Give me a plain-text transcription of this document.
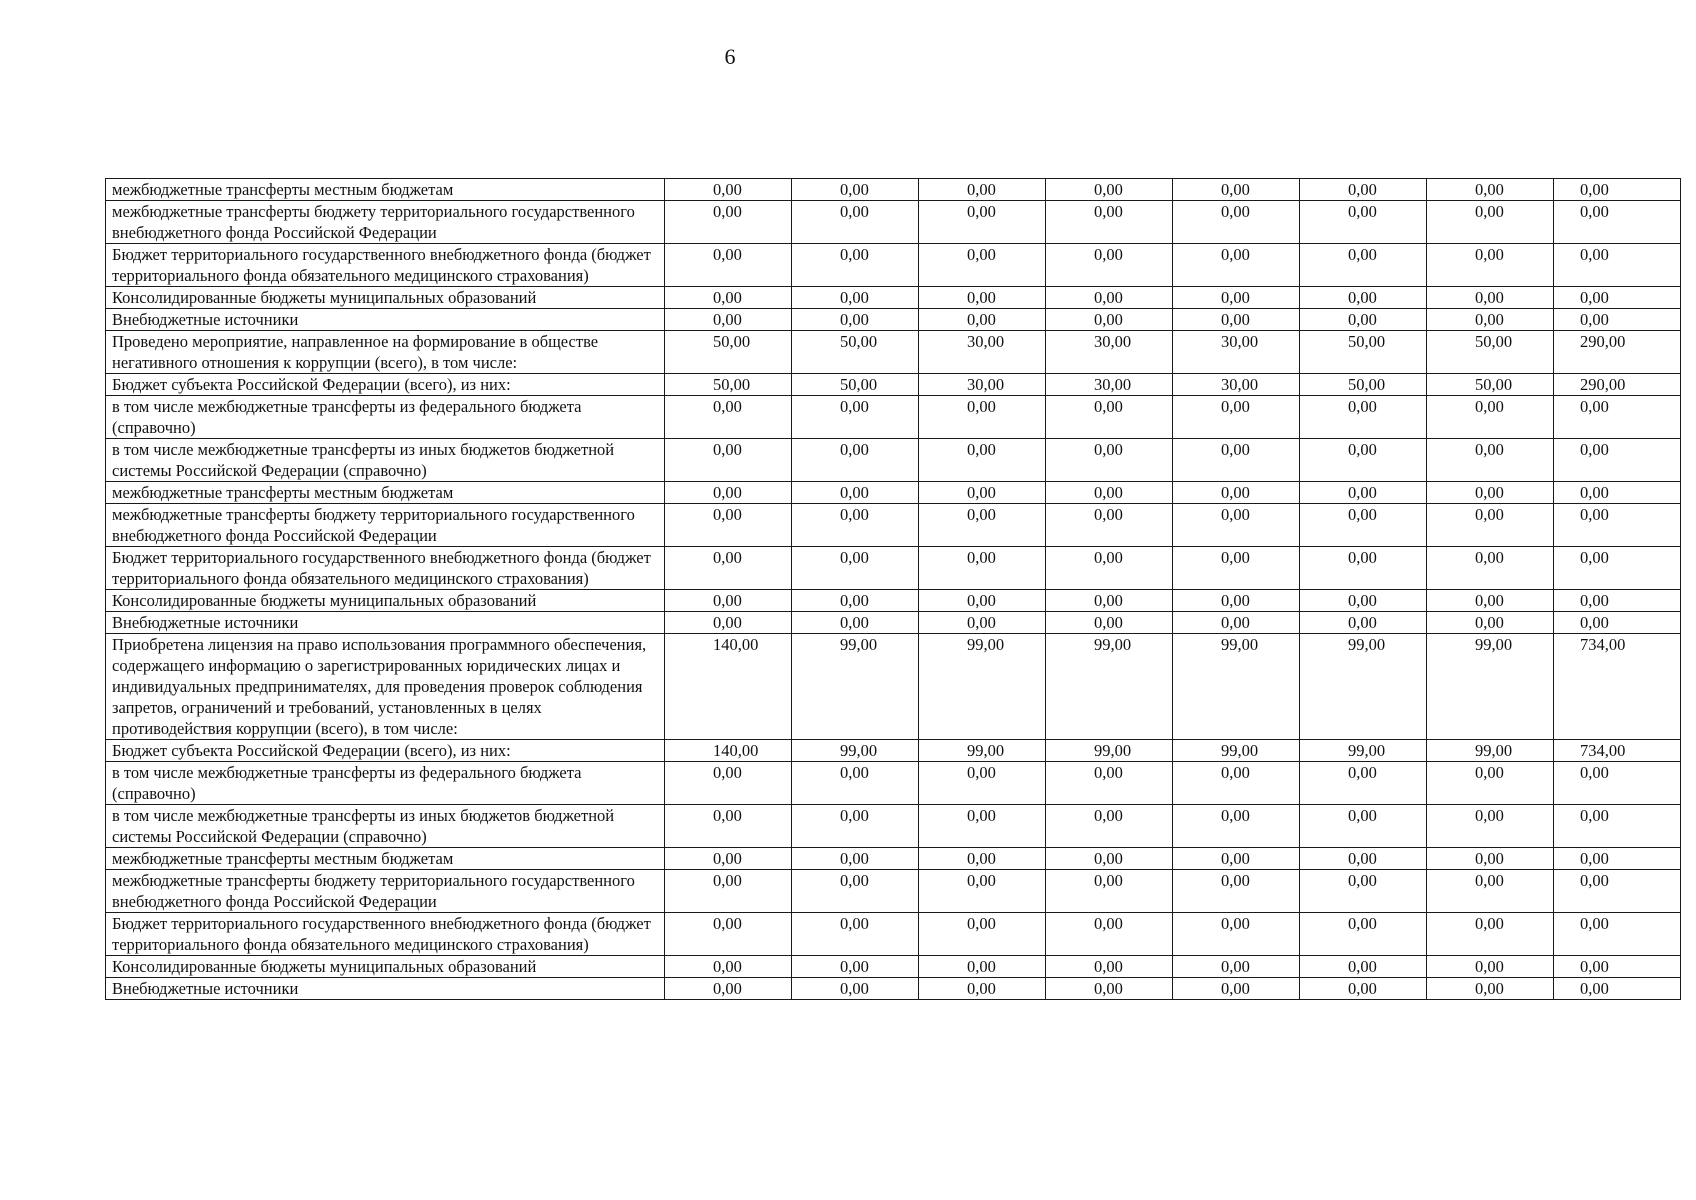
6
межбюджетные трансферты местным бюджетам	0,00	0,00	0,00	0,00	0,00	0,00	0,00	0,00
межбюджетные трансферты бюджету территориального государственного внебюджетного фонда Российской Федерации	0,00	0,00	0,00	0,00	0,00	0,00	0,00	0,00
Бюджет территориального государственного внебюджетного фонда (бюджет территориального фонда обязательного медицинского страхования)	0,00	0,00	0,00	0,00	0,00	0,00	0,00	0,00
Консолидированные бюджеты муниципальных образований	0,00	0,00	0,00	0,00	0,00	0,00	0,00	0,00
Внебюджетные источники	0,00	0,00	0,00	0,00	0,00	0,00	0,00	0,00
Проведено мероприятие, направленное на формирование в обществе негативного отношения к коррупции (всего), в том числе:	50,00	50,00	30,00	30,00	30,00	50,00	50,00	290,00
Бюджет субъекта Российской Федерации (всего), из них:	50,00	50,00	30,00	30,00	30,00	50,00	50,00	290,00
в том числе межбюджетные трансферты из федерального бюджета (справочно)	0,00	0,00	0,00	0,00	0,00	0,00	0,00	0,00
в том числе межбюджетные трансферты из иных бюджетов бюджетной системы Российской Федерации (справочно)	0,00	0,00	0,00	0,00	0,00	0,00	0,00	0,00
межбюджетные трансферты местным бюджетам	0,00	0,00	0,00	0,00	0,00	0,00	0,00	0,00
межбюджетные трансферты бюджету территориального государственного внебюджетного фонда Российской Федерации	0,00	0,00	0,00	0,00	0,00	0,00	0,00	0,00
Бюджет территориального государственного внебюджетного фонда (бюджет территориального фонда обязательного медицинского страхования)	0,00	0,00	0,00	0,00	0,00	0,00	0,00	0,00
Консолидированные бюджеты муниципальных образований	0,00	0,00	0,00	0,00	0,00	0,00	0,00	0,00
Внебюджетные источники	0,00	0,00	0,00	0,00	0,00	0,00	0,00	0,00
Приобретена лицензия на право использования программного обеспечения, содержащего информацию о зарегистрированных юридических лицах и индивидуальных предпринимателях, для проведения проверок соблюдения запретов, ограничений и требований, установленных в целях противодействия коррупции (всего), в том числе:	140,00	99,00	99,00	99,00	99,00	99,00	99,00	734,00
Бюджет субъекта Российской Федерации (всего), из них:	140,00	99,00	99,00	99,00	99,00	99,00	99,00	734,00
в том числе межбюджетные трансферты из федерального бюджета (справочно)	0,00	0,00	0,00	0,00	0,00	0,00	0,00	0,00
в том числе межбюджетные трансферты из иных бюджетов бюджетной системы Российской Федерации (справочно)	0,00	0,00	0,00	0,00	0,00	0,00	0,00	0,00
межбюджетные трансферты местным бюджетам	0,00	0,00	0,00	0,00	0,00	0,00	0,00	0,00
межбюджетные трансферты бюджету территориального государственного внебюджетного фонда Российской Федерации	0,00	0,00	0,00	0,00	0,00	0,00	0,00	0,00
Бюджет территориального государственного внебюджетного фонда (бюджет территориального фонда обязательного медицинского страхования)	0,00	0,00	0,00	0,00	0,00	0,00	0,00	0,00
Консолидированные бюджеты муниципальных образований	0,00	0,00	0,00	0,00	0,00	0,00	0,00	0,00
Внебюджетные источники	0,00	0,00	0,00	0,00	0,00	0,00	0,00	0,00
